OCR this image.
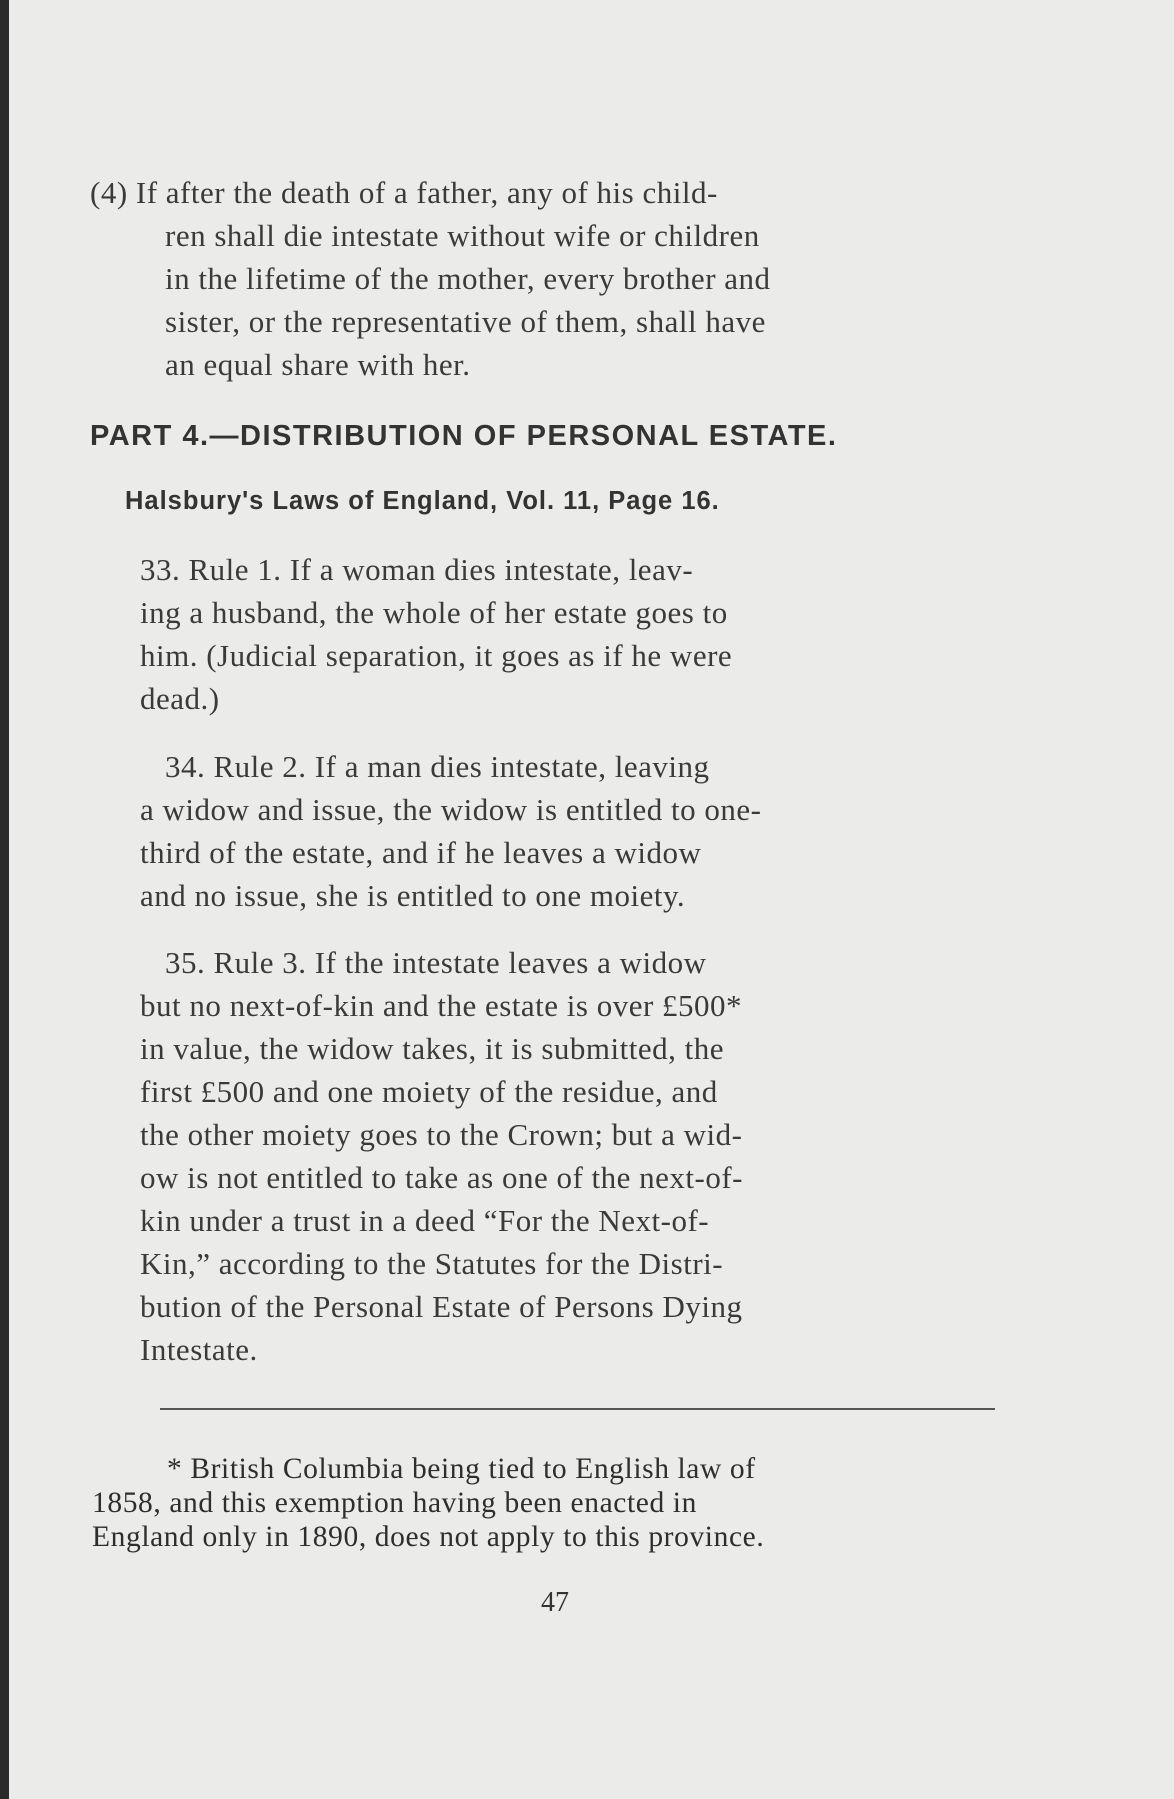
(4) If after the death of a father, any of his child-
ren shall die intestate without wife or children
in the lifetime of the mother, every brother and
sister, or the representative of them, shall have
an equal share with her.
PART 4.—DISTRIBUTION OF PERSONAL ESTATE.
Halsbury's Laws of England, Vol. 11, Page 16.
33. Rule 1. If a woman dies intestate, leav-
ing a husband, the whole of her estate goes to
him. (Judicial separation, it goes as if he were
dead.)
34. Rule 2. If a man dies intestate, leaving
a widow and issue, the widow is entitled to one-
third of the estate, and if he leaves a widow
and no issue, she is entitled to one moiety.
35. Rule 3. If the intestate leaves a widow
but no next-of-kin and the estate is over £500*
in value, the widow takes, it is submitted, the
first £500 and one moiety of the residue, and
the other moiety goes to the Crown; but a wid-
ow is not entitled to take as one of the next-of-
kin under a trust in a deed “For the Next-of-
Kin,” according to the Statutes for the Distri-
bution of the Personal Estate of Persons Dying
Intestate.
* British Columbia being tied to English law of
1858, and this exemption having been enacted in
England only in 1890, does not apply to this province.
47
